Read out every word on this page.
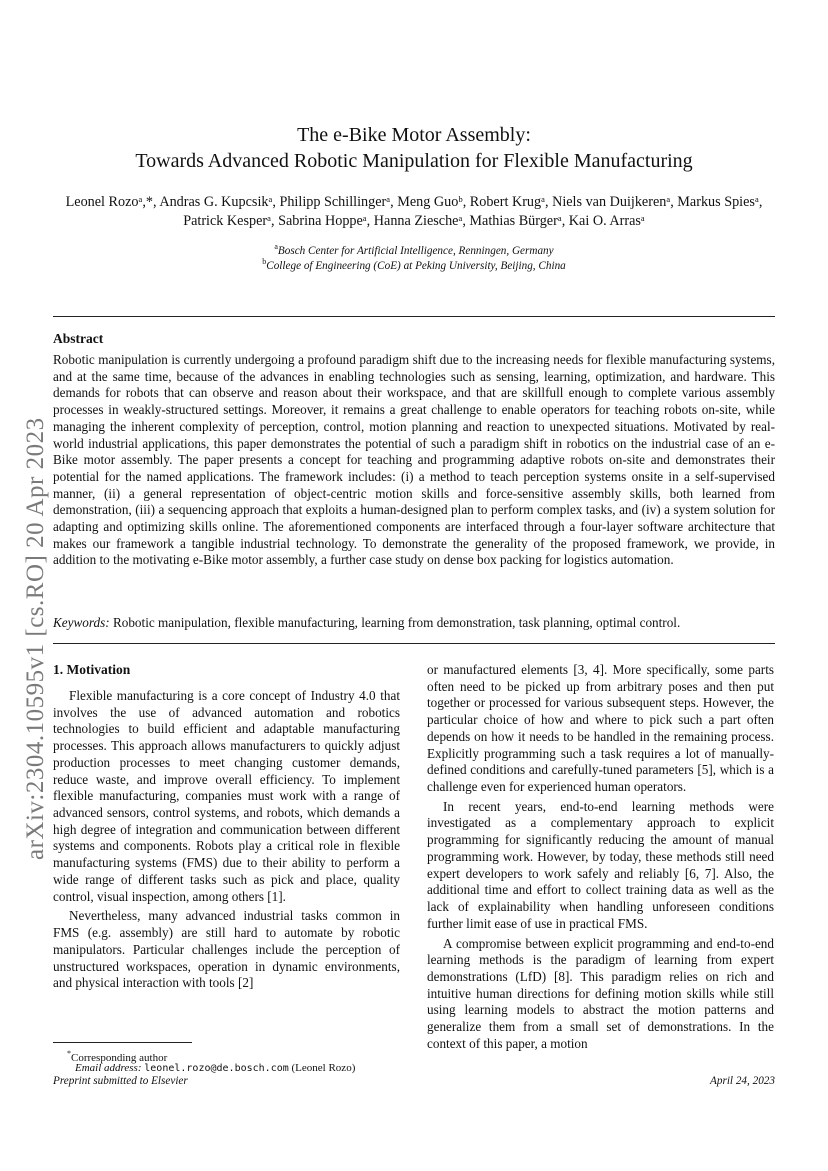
arXiv:2304.10595v1 [cs.RO] 20 Apr 2023
The e-Bike Motor Assembly:
Towards Advanced Robotic Manipulation for Flexible Manufacturing
Leonel Rozoᵃ,*, Andras G. Kupcsikᵃ, Philipp Schillingerᵃ, Meng Guoᵇ, Robert Krugᵃ, Niels van Duijkerenᵃ, Markus Spiesᵃ, Patrick Kesperᵃ, Sabrina Hoppeᵃ, Hanna Ziescheᵃ, Mathias Bürgerᵃ, Kai O. Arrasᵃ
$^a$Bosch Center for Artificial Intelligence, Renningen, Germany
$^b$College of Engineering (CoE) at Peking University, Beijing, China
Abstract
Robotic manipulation is currently undergoing a profound paradigm shift due to the increasing needs for flexible manufacturing systems, and at the same time, because of the advances in enabling technologies such as sensing, learning, optimization, and hardware. This demands for robots that can observe and reason about their workspace, and that are skillfull enough to complete various assembly processes in weakly-structured settings. Moreover, it remains a great challenge to enable operators for teaching robots on-site, while managing the inherent complexity of perception, control, motion planning and reaction to unexpected situations. Motivated by real-world industrial applications, this paper demonstrates the potential of such a paradigm shift in robotics on the industrial case of an e-Bike motor assembly. The paper presents a concept for teaching and programming adaptive robots on-site and demonstrates their potential for the named applications. The framework includes: (i) a method to teach perception systems onsite in a self-supervised manner, (ii) a general representation of object-centric motion skills and force-sensitive assembly skills, both learned from demonstration, (iii) a sequencing approach that exploits a human-designed plan to perform complex tasks, and (iv) a system solution for adapting and optimizing skills online. The aforementioned components are interfaced through a four-layer software architecture that makes our framework a tangible industrial technology. To demonstrate the generality of the proposed framework, we provide, in addition to the motivating e-Bike motor assembly, a further case study on dense box packing for logistics automation.
Keywords: Robotic manipulation, flexible manufacturing, learning from demonstration, task planning, optimal control.
1. Motivation

Flexible manufacturing is a core concept of Industry 4.0 that involves the use of advanced automation and robotics technologies to build efficient and adaptable manufacturing processes. This approach allows manufacturers to quickly adjust production processes to meet changing customer demands, reduce waste, and improve overall efficiency. To implement flexible manufacturing, companies must work with a range of advanced sensors, control systems, and robots, which demands a high degree of integration and communication between different systems and components. Robots play a critical role in flexible manufacturing systems (FMS) due to their ability to perform a wide range of different tasks such as pick and place, quality control, visual inspection, among others [1].

Nevertheless, many advanced industrial tasks common in FMS (e.g. assembly) are still hard to automate by robotic manipulators. Particular challenges include the perception of unstructured workspaces, operation in dynamic environments, and physical interaction with tools [2]

or manufactured elements [3, 4]. More specifically, some parts often need to be picked up from arbitrary poses and then put together or processed for various subsequent steps. However, the particular choice of how and where to pick such a part often depends on how it needs to be handled in the remaining process. Explicitly programming such a task requires a lot of manually-defined conditions and carefully-tuned parameters [5], which is a challenge even for experienced human operators.

In recent years, end-to-end learning methods were investigated as a complementary approach to explicit programming for significantly reducing the amount of manual programming work. However, by today, these methods still need expert developers to work safely and reliably [6, 7]. Also, the additional time and effort to collect training data as well as the lack of explainability when handling unforeseen conditions further limit ease of use in practical FMS.

A compromise between explicit programming and end-to-end learning methods is the paradigm of learning from expert demonstrations (LfD) [8]. This paradigm relies on rich and intuitive human directions for defining motion skills while still using learning models to abstract the motion patterns and generalize them from a small set of demonstrations. In the context of this paper, a motion

*Corresponding author
Email address: leonel.rozo@de.bosch.com (Leonel Rozo)
Preprint submitted to Elsevier	April 24, 2023
